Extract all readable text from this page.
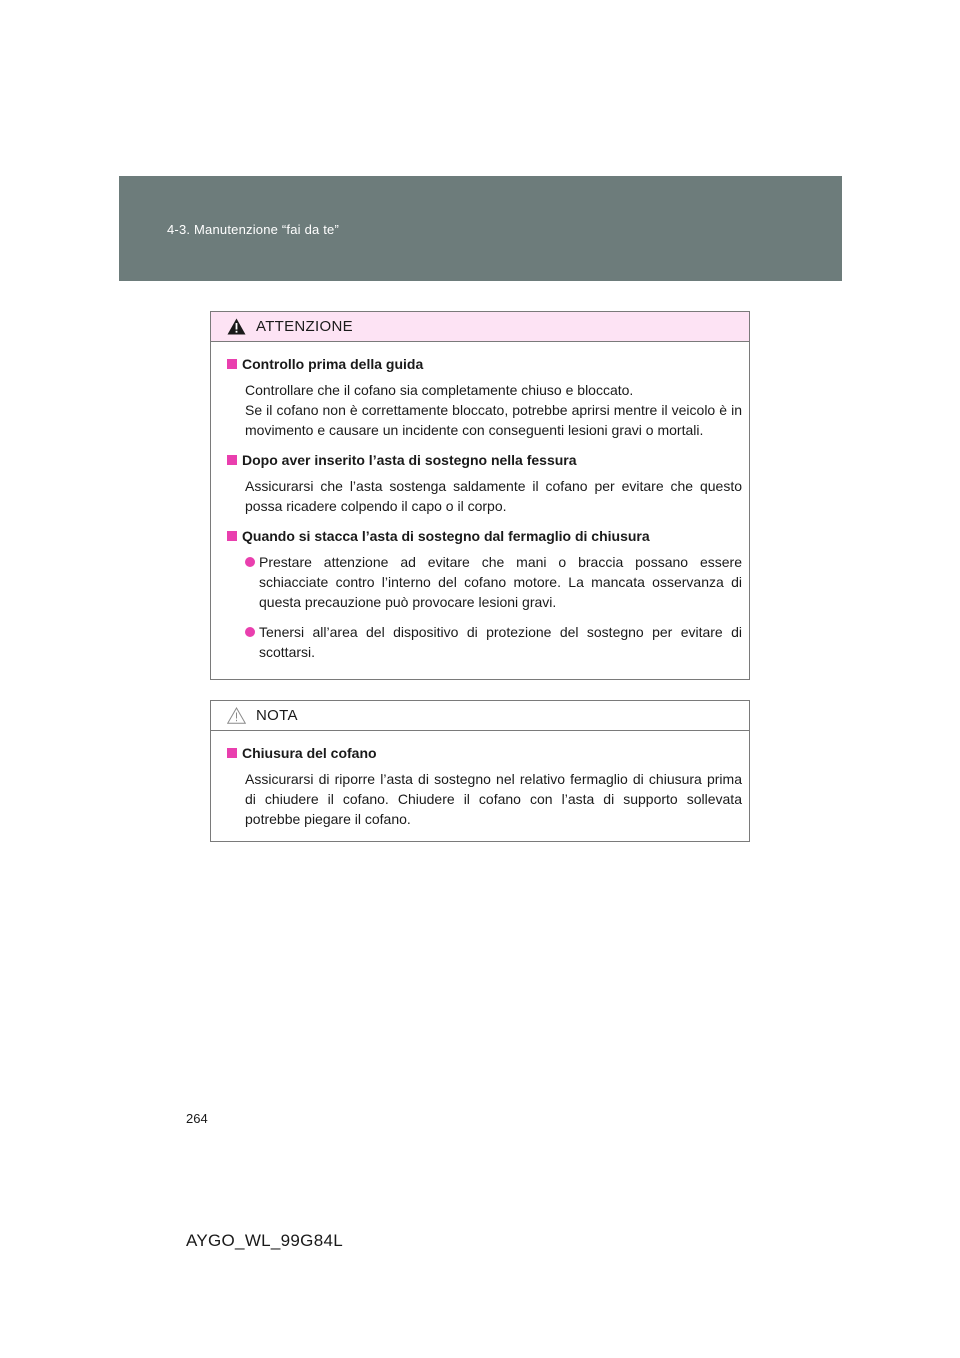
4-3. Manutenzione “fai da te”
ATTENZIONE
Controllo prima della guida
Controllare che il cofano sia completamente chiuso e bloccato.
Se il cofano non è correttamente bloccato, potrebbe aprirsi mentre il veicolo è in movimento e causare un incidente con conseguenti lesioni gravi o mortali.
Dopo aver inserito l’asta di sostegno nella fessura
Assicurarsi che l’asta sostenga saldamente il cofano per evitare che questo possa ricadere colpendo il capo o il corpo.
Quando si stacca l’asta di sostegno dal fermaglio di chiusura
Prestare attenzione ad evitare che mani o braccia possano essere schiacciate contro l’interno del cofano motore. La mancata osservanza di questa precauzione può provocare lesioni gravi.
Tenersi all’area del dispositivo di protezione del sostegno per evitare di scottarsi.
NOTA
Chiusura del cofano
Assicurarsi di riporre l’asta di sostegno nel relativo fermaglio di chiusura prima di chiudere il cofano. Chiudere il cofano con l’asta di supporto sollevata potrebbe piegare il cofano.
264
AYGO_WL_99G84L
